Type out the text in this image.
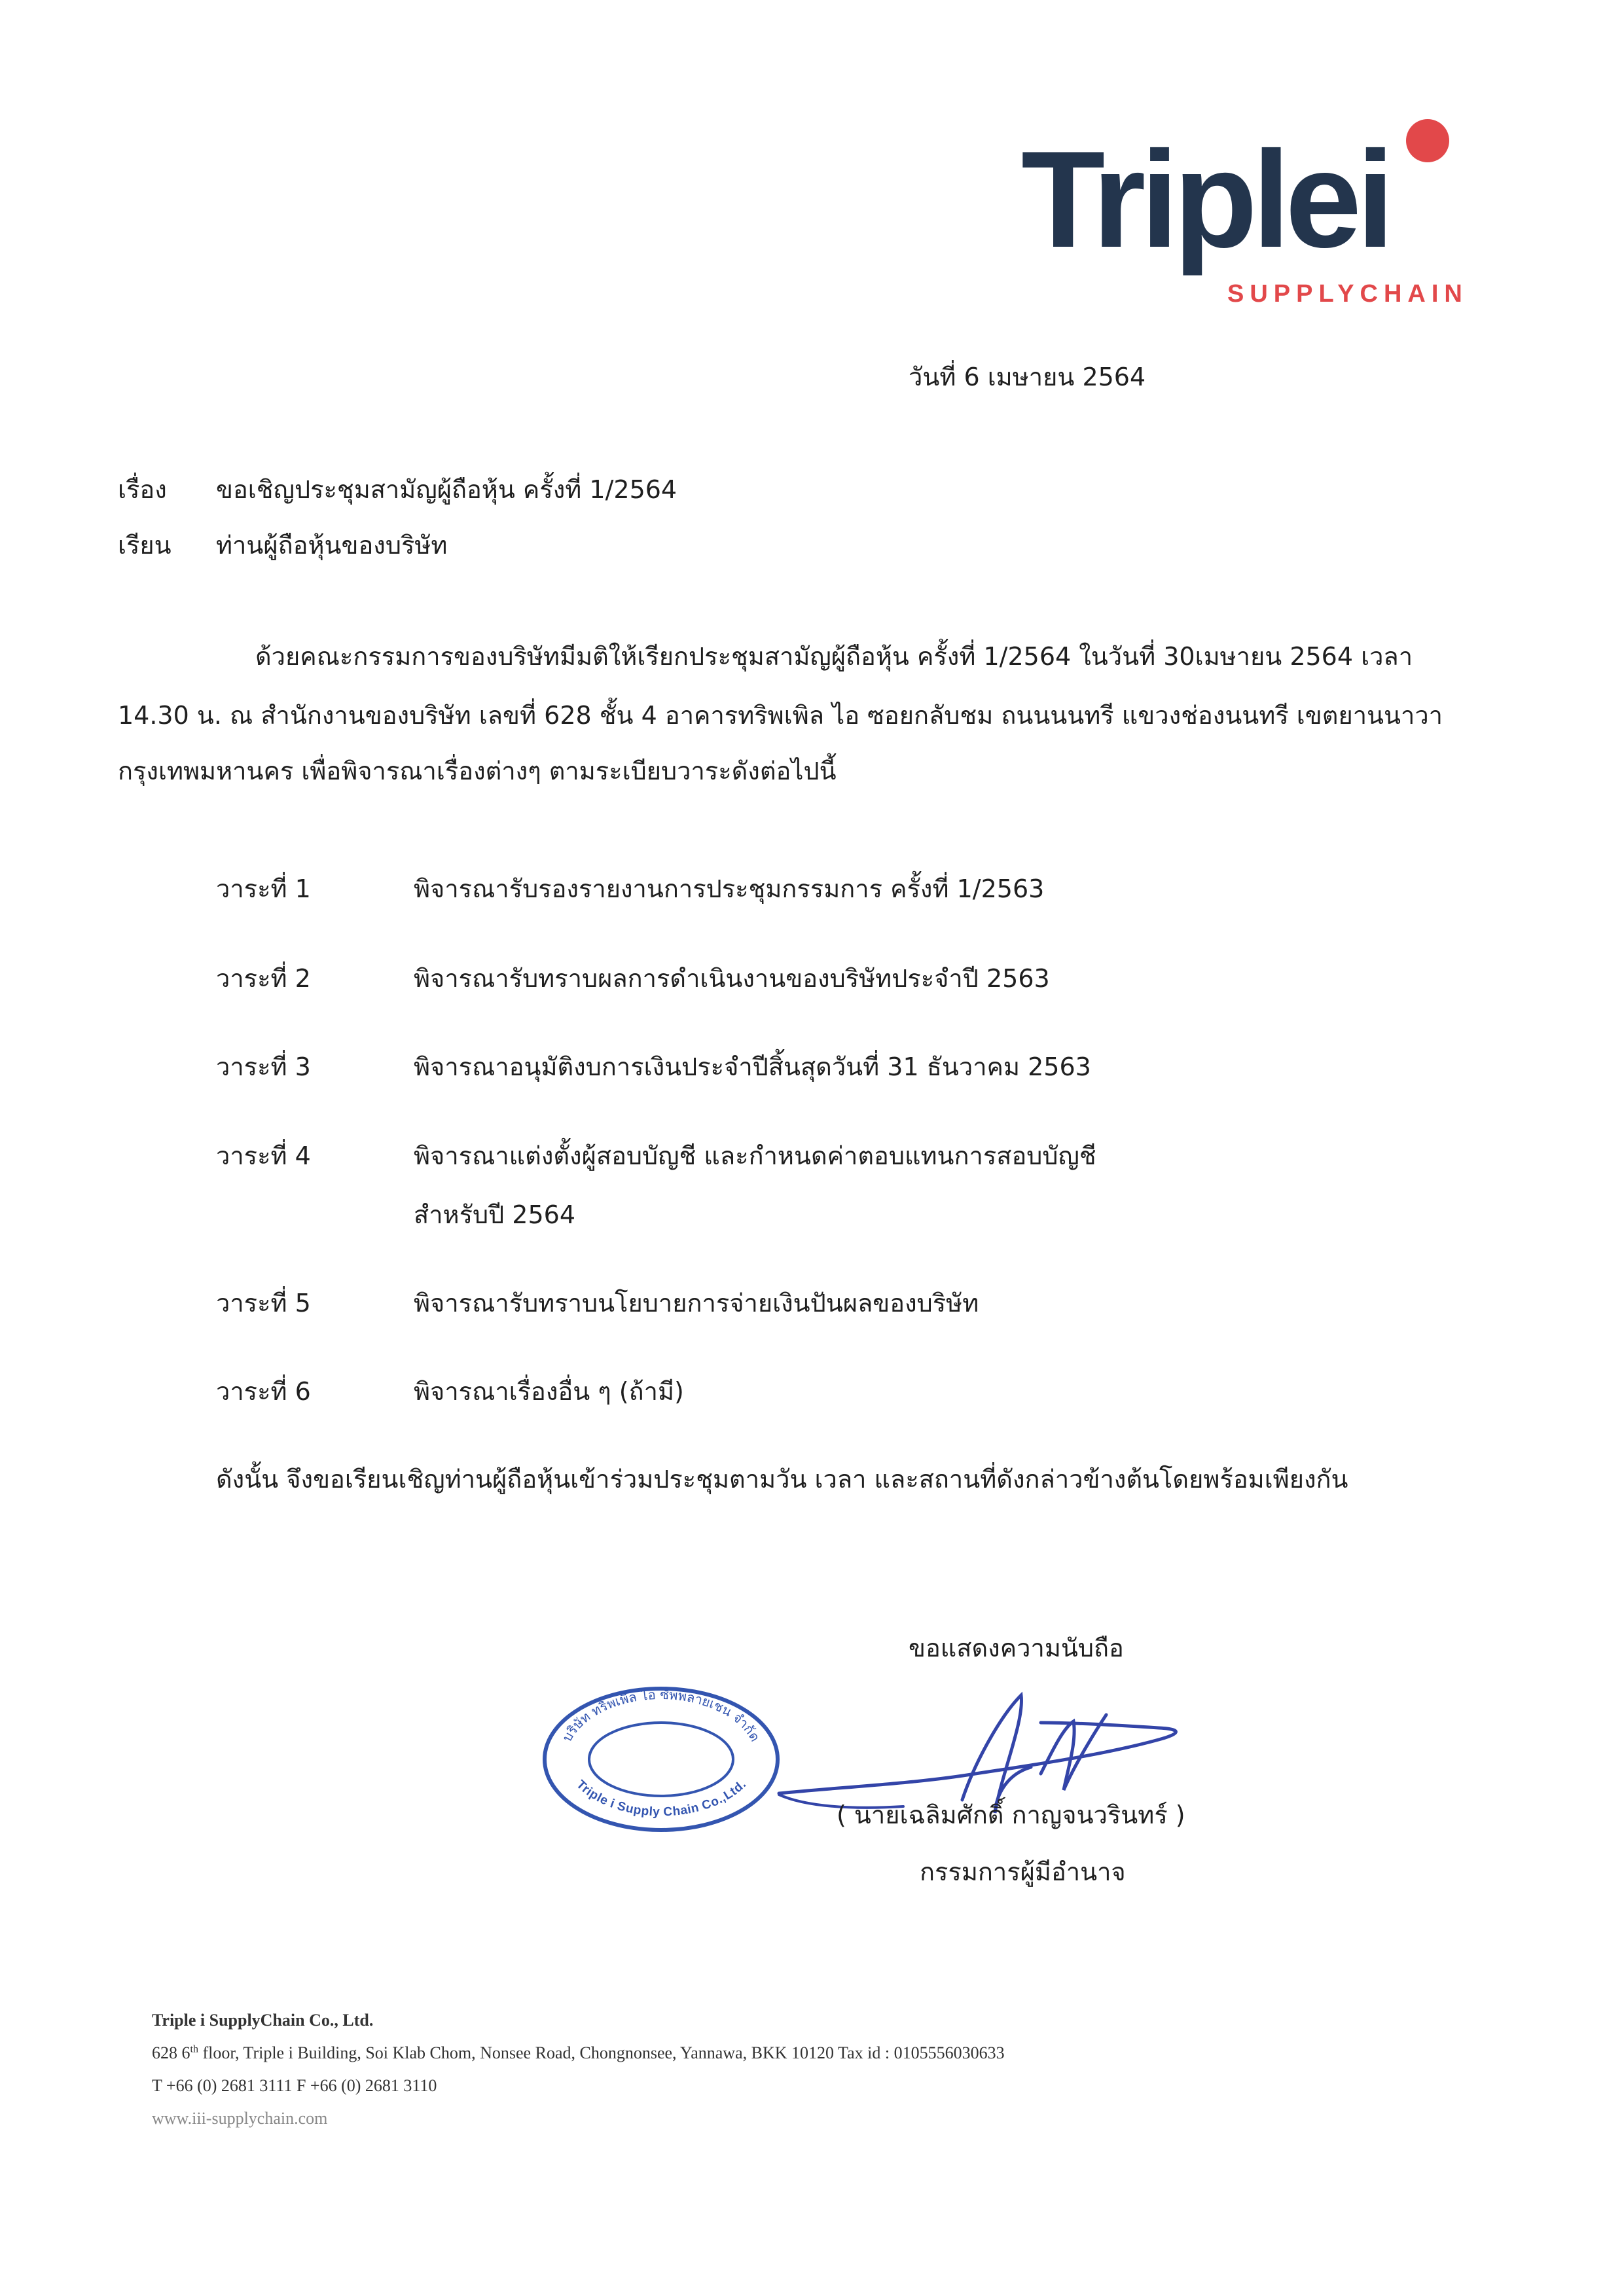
Triplei
SUPPLYCHAIN
วันที่ 6 เมษายน 2564
เรื่อง ขอเชิญประชุมสามัญผู้ถือหุ้น ครั้งที่ 1/2564
เรียน ท่านผู้ถือหุ้นของบริษัท
ด้วยคณะกรรมการของบริษัทมีมติให้เรียกประชุมสามัญผู้ถือหุ้น ครั้งที่ 1/2564 ในวันที่ 30เมษายน 2564 เวลา
14.30 น. ณ สำนักงานของบริษัท เลขที่ 628 ชั้น 4 อาคารทริพเพิล ไอ ซอยกลับชม ถนนนนทรี แขวงช่องนนทรี เขตยานนาวา
กรุงเทพมหานคร เพื่อพิจารณาเรื่องต่างๆ ตามระเบียบวาระดังต่อไปนี้
วาระที่ 1	พิจารณารับรองรายงานการประชุมกรรมการ ครั้งที่ 1/2563
วาระที่ 2	พิจารณารับทราบผลการดำเนินงานของบริษัทประจำปี 2563
วาระที่ 3	พิจารณาอนุมัติงบการเงินประจำปีสิ้นสุดวันที่ 31 ธันวาคม 2563
วาระที่ 4	พิจารณาแต่งตั้งผู้สอบบัญชี และกำหนดค่าตอบแทนการสอบบัญชี
สำหรับปี 2564
วาระที่ 5	พิจารณารับทราบนโยบายการจ่ายเงินปันผลของบริษัท
วาระที่ 6	พิจารณาเรื่องอื่น ๆ (ถ้ามี)
ดังนั้น จึงขอเรียนเชิญท่านผู้ถือหุ้นเข้าร่วมประชุมตามวัน เวลา และสถานที่ดังกล่าวข้างต้นโดยพร้อมเพียงกัน
ขอแสดงความนับถือ
บริษัท ทริพเพิล ไอ ซัพพลายเชน จำกัด
Triple i Supply Chain Co.,Ltd.
( นายเฉลิมศักดิ์ กาญจนวรินทร์ )
กรรมการผู้มีอำนาจ
Triple i SupplyChain Co., Ltd.
628 6th floor, Triple i Building, Soi Klab Chom, Nonsee Road, Chongnonsee, Yannawa, BKK 10120 Tax id : 0105556030633
T +66 (0) 2681 3111 F +66 (0) 2681 3110
www.iii-supplychain.com
